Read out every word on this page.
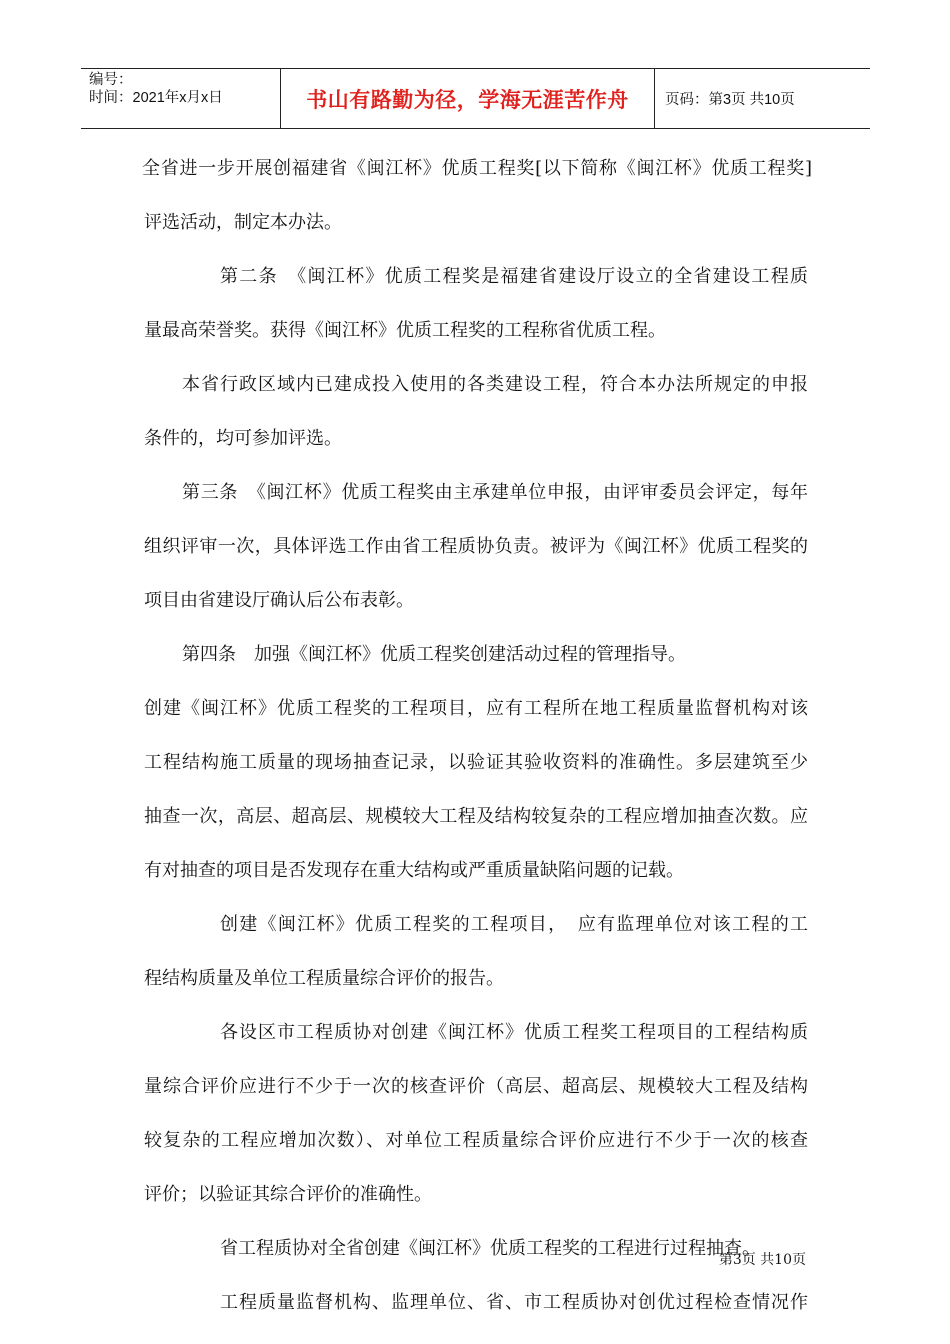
编号：
时间：2021年x月x日	书山有路勤为径，学海无涯苦作舟	页码：第3页 共10页
全省进一步开展创福建省《闽江杯》优质工程奖[以下简称《闽江杯》优质工程奖]
评选活动，制定本办法。
第二条　《闽江杯》优质工程奖是福建省建设厅设立的全省建设工程质
量最高荣誉奖。获得《闽江杯》优质工程奖的工程称省优质工程。
本省行政区域内已建成投入使用的各类建设工程，符合本办法所规定的申报
条件的，均可参加评选。
第三条　《闽江杯》优质工程奖由主承建单位申报，由评审委员会评定，每年
组织评审一次，具体评选工作由省工程质协负责。被评为《闽江杯》优质工程奖的
项目由省建设厅确认后公布表彰。
第四条　加强《闽江杯》优质工程奖创建活动过程的管理指导。
创建《闽江杯》优质工程奖的工程项目，应有工程所在地工程质量监督机构对该
工程结构施工质量的现场抽查记录，以验证其验收资料的准确性。多层建筑至少
抽查一次，高层、超高层、规模较大工程及结构较复杂的工程应增加抽查次数。应
有对抽查的项目是否发现存在重大结构或严重质量缺陷问题的记载。
创建《闽江杯》优质工程奖的工程项目，　应有监理单位对该工程的工
程结构质量及单位工程质量综合评价的报告。
各设区市工程质协对创建《闽江杯》优质工程奖工程项目的工程结构质
量综合评价应进行不少于一次的核查评价（高层、超高层、规模较大工程及结构
较复杂的工程应增加次数）、对单位工程质量综合评价应进行不少于一次的核查
评价；以验证其综合评价的准确性。
省工程质协对全省创建《闽江杯》优质工程奖的工程进行过程抽查。
工程质量监督机构、监理单位、省、市工程质协对创优过程检查情况作
第3页 共10页
